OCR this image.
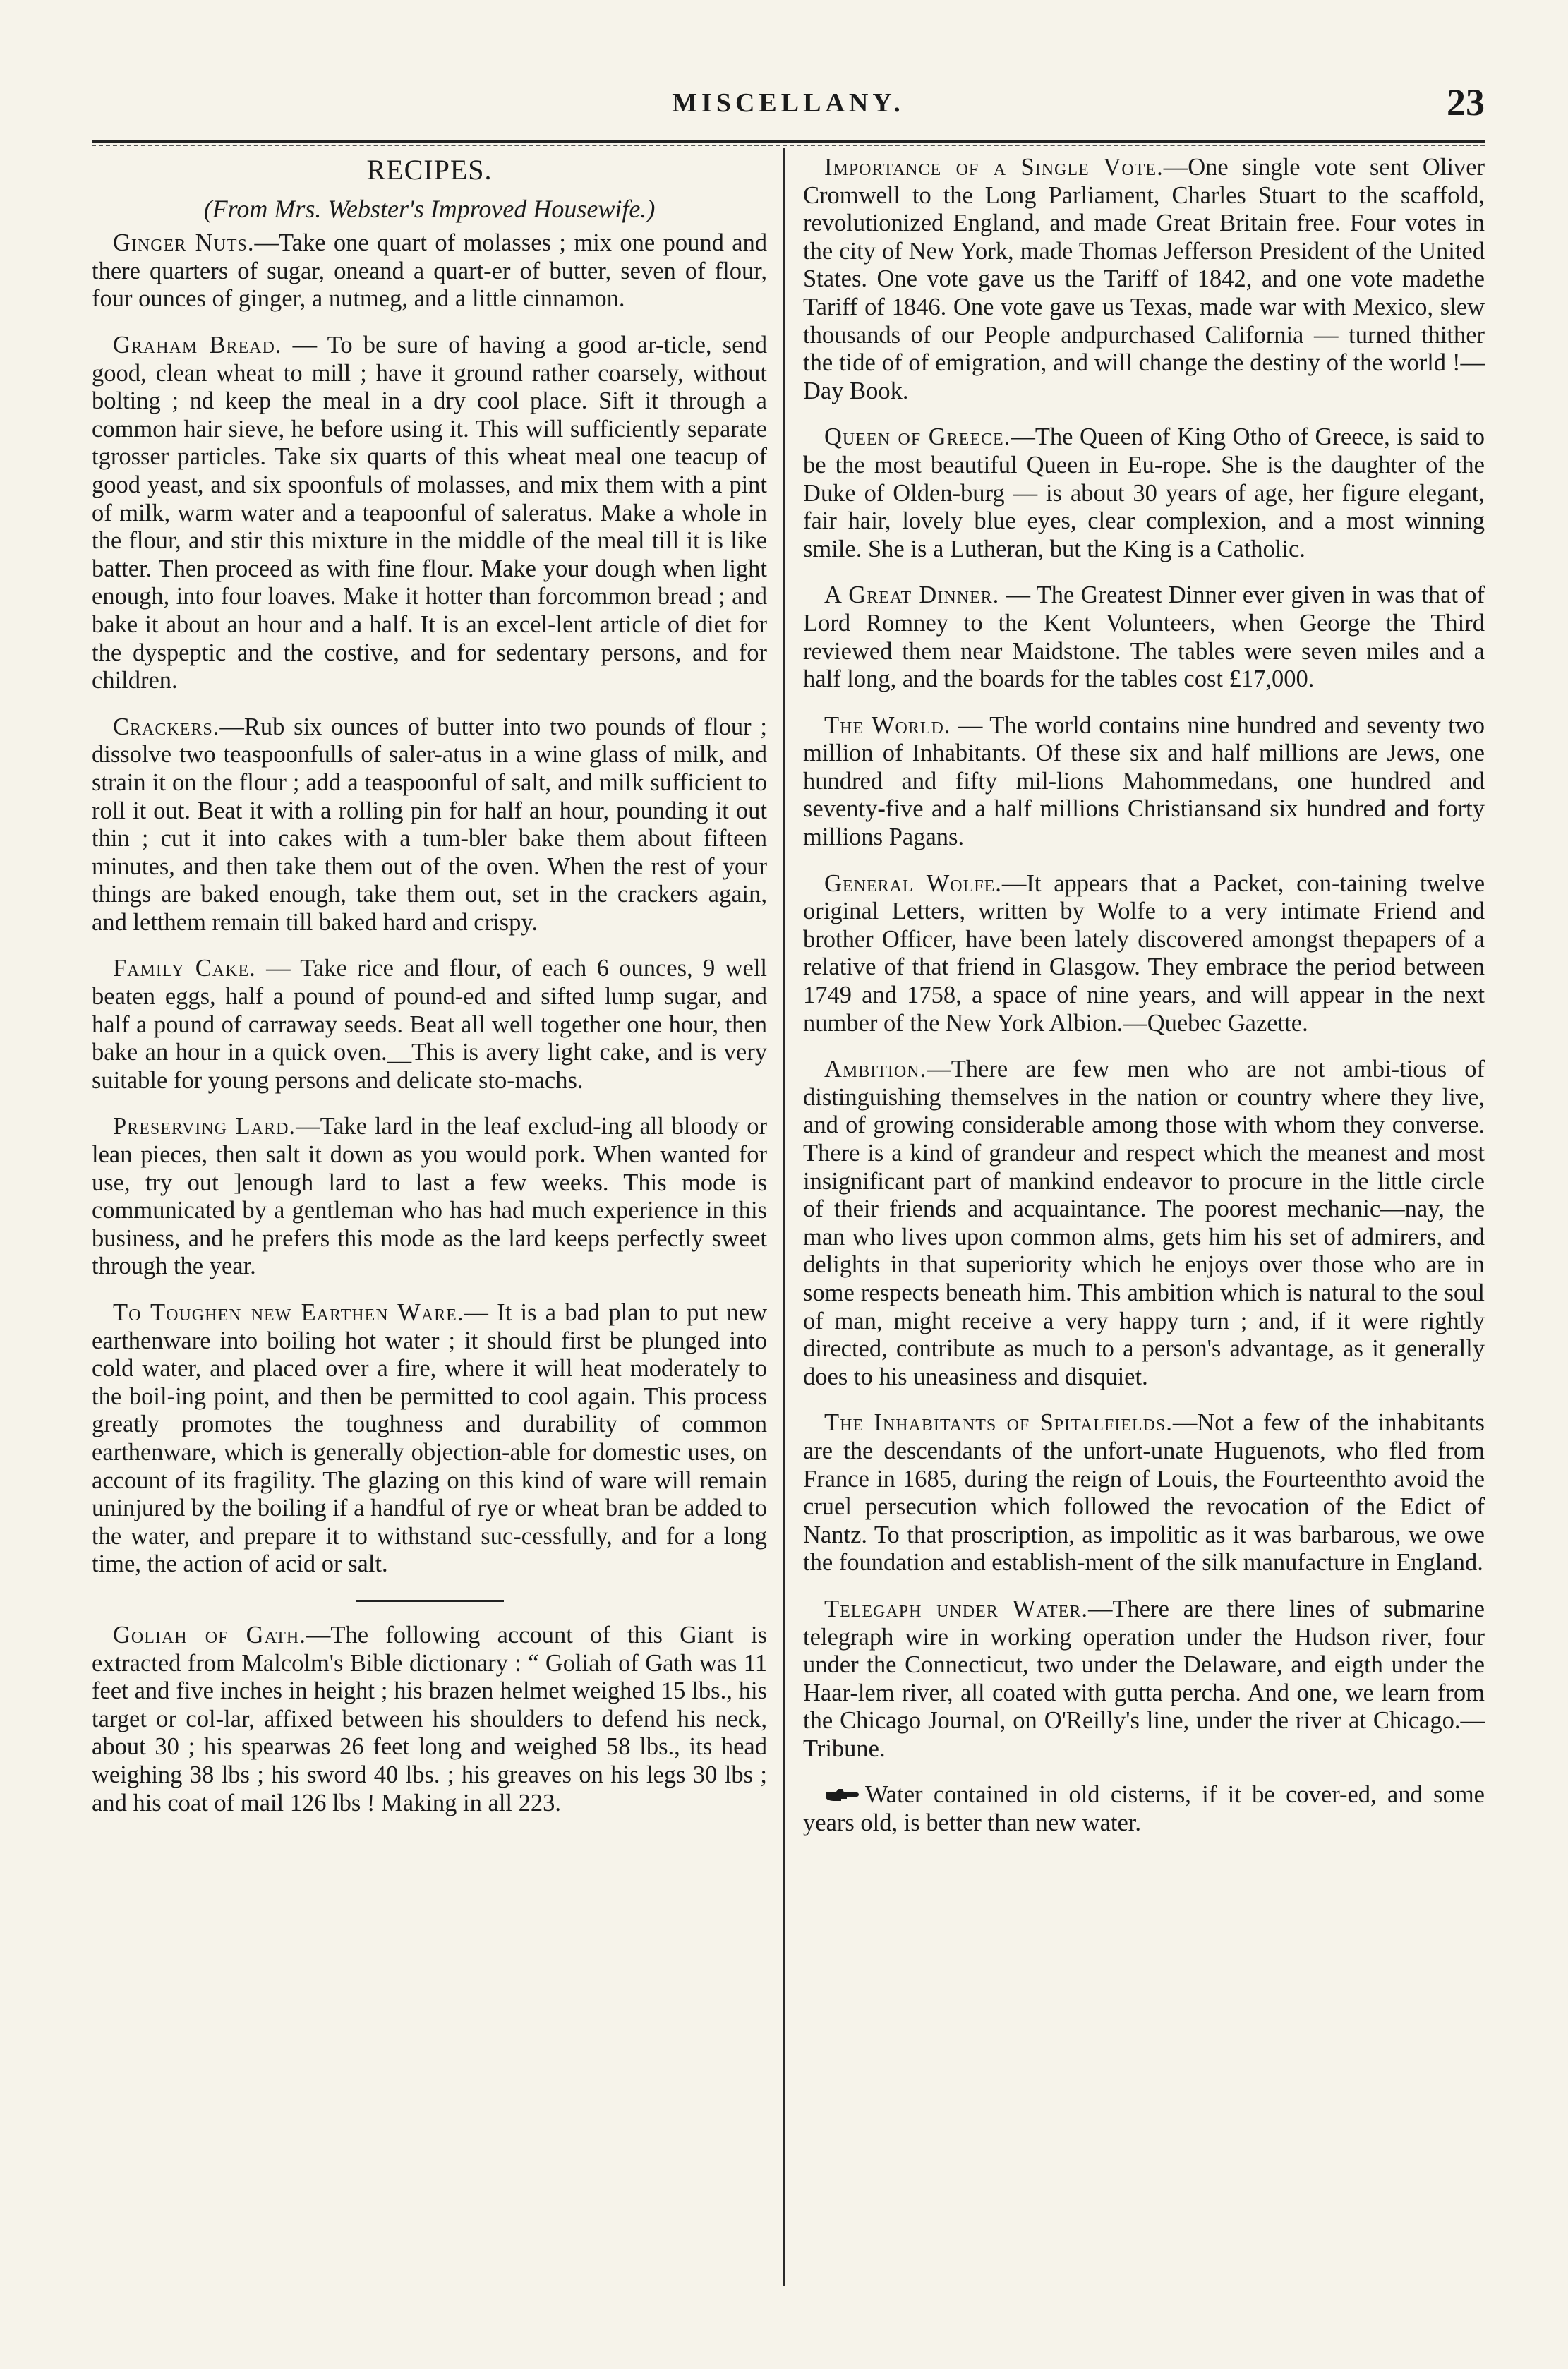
MISCELLANY.	23
RECIPES.
(From Mrs. Webster's Improved Housewife.)

Ginger Nuts.—Take one quart of molasses ; mix one pound and there quarters of sugar, oneand a quart-er of butter, seven of flour, four ounces of ginger, a nutmeg, and a little cinnamon.

Graham Bread. — To be sure of having a good ar-ticle, send good, clean wheat to mill ; have it ground rather coarsely, without bolting ; nd keep the meal in a dry cool place. Sift it through a common hair sieve, he before using it. This will sufficiently separate tgrosser particles. Take six quarts of this wheat meal one teacup of good yeast, and six spoonfuls of molasses, and mix them with a pint of milk, warm water and a teapoonful of saleratus. Make a whole in the flour, and stir this mixture in the middle of the meal till it is like batter. Then proceed as with fine flour. Make your dough when light enough, into four loaves. Make it hotter than forcommon bread ; and bake it about an hour and a half. It is an excel-lent article of diet for the dyspeptic and the costive, and for sedentary persons, and for children.

Crackers.—Rub six ounces of butter into two pounds of flour ; dissolve two teaspoonfulls of saler-atus in a wine glass of milk, and strain it on the flour ; add a teaspoonful of salt, and milk sufficient to roll it out. Beat it with a rolling pin for half an hour, pounding it out thin ; cut it into cakes with a tum-bler bake them about fifteen minutes, and then take them out of the oven. When the rest of your things are baked enough, take them out, set in the crackers again, and letthem remain till baked hard and crispy.

Family Cake. — Take rice and flour, of each 6 ounces, 9 well beaten eggs, half a pound of pound-ed and sifted lump sugar, and half a pound of carraway seeds. Beat all well together one hour, then bake an hour in a quick oven.__This is avery light cake, and is very suitable for young persons and delicate sto-machs.

Preserving Lard.—Take lard in the leaf exclud-ing all bloody or lean pieces, then salt it down as you would pork. When wanted for use, try out ]enough lard to last a few weeks. This mode is communicated by a gentleman who has had much experience in this business, and he prefers this mode as the lard keeps perfectly sweet through the year.

To Toughen new Earthen Ware.— It is a bad plan to put new earthenware into boiling hot water ; it should first be plunged into cold water, and placed over a fire, where it will heat moderately to the boil-ing point, and then be permitted to cool again. This process greatly promotes the toughness and durability of common earthenware, which is generally objection-able for domestic uses, on account of its fragility. The glazing on this kind of ware will remain uninjured by the boiling if a handful of rye or wheat bran be added to the water, and prepare it to withstand suc-cessfully, and for a long time, the action of acid or salt.

Goliah of Gath.—The following account of this Giant is extracted from Malcolm's Bible dictionary : “ Goliah of Gath was 11 feet and five inches in height ; his brazen helmet weighed 15 lbs., his target or col-lar, affixed between his shoulders to defend his neck, about 30 ; his spearwas 26 feet long and weighed 58 lbs., its head weighing 38 lbs ; his sword 40 lbs. ; his greaves on his legs 30 lbs ; and his coat of mail 126 lbs ! Making in all 223.

Importance of a Single Vote.—One single vote sent Oliver Cromwell to the Long Parliament, Charles Stuart to the scaffold, revolutionized England, and made Great Britain free. Four votes in the city of New York, made Thomas Jefferson President of the United States. One vote gave us the Tariff of 1842, and one vote madethe Tariff of 1846. One vote gave us Texas, made war with Mexico, slew thousands of our People andpurchased California — turned thither the tide of of emigration, and will change the destiny of the world !—Day Book.

Queen of Greece.—The Queen of King Otho of Greece, is said to be the most beautiful Queen in Eu-rope. She is the daughter of the Duke of Olden-burg — is about 30 years of age, her figure elegant, fair hair, lovely blue eyes, clear complexion, and a most winning smile. She is a Lutheran, but the King is a Catholic.

A Great Dinner. — The Greatest Dinner ever given in was that of Lord Romney to the Kent Volunteers, when George the Third reviewed them near Maidstone. The tables were seven miles and a half long, and the boards for the tables cost £17,000.

The World. — The world contains nine hundred and seventy two million of Inhabitants. Of these six and half millions are Jews, one hundred and fifty mil-lions Mahommedans, one hundred and seventy-five and a half millions Christiansand six hundred and forty millions Pagans.

General Wolfe.—It appears that a Packet, con-taining twelve original Letters, written by Wolfe to a very intimate Friend and brother Officer, have been lately discovered amongst thepapers of a relative of that friend in Glasgow. They embrace the period between 1749 and 1758, a space of nine years, and will appear in the next number of the New York Albion.—Quebec Gazette.

Ambition.—There are few men who are not ambi-tious of distinguishing themselves in the nation or country where they live, and of growing considerable among those with whom they converse. There is a kind of grandeur and respect which the meanest and most insignificant part of mankind endeavor to procure in the little circle of their friends and acquaintance. The poorest mechanic—nay, the man who lives upon common alms, gets him his set of admirers, and delights in that superiority which he enjoys over those who are in some respects beneath him. This ambition which is natural to the soul of man, might receive a very happy turn ; and, if it were rightly directed, contribute as much to a person's advantage, as it generally does to his uneasiness and disquiet.

The Inhabitants of Spitalfields.—Not a few of the inhabitants are the descendants of the unfort-unate Huguenots, who fled from France in 1685, during the reign of Louis, the Fourteenthto avoid the cruel persecution which followed the revocation of the Edict of Nantz. To that proscription, as impolitic as it was barbarous, we owe the foundation and establish-ment of the silk manufacture in England.

Telegaph under Water.—There are there lines of submarine telegraph wire in working operation under the Hudson river, four under the Connecticut, two under the Delaware, and eigth under the Haar-lem river, all coated with gutta percha. And one, we learn from the Chicago Journal, on O'Reilly's line, under the river at Chicago.—Tribune.

Water contained in old cisterns, if it be cover-ed, and some years old, is better than new water.
